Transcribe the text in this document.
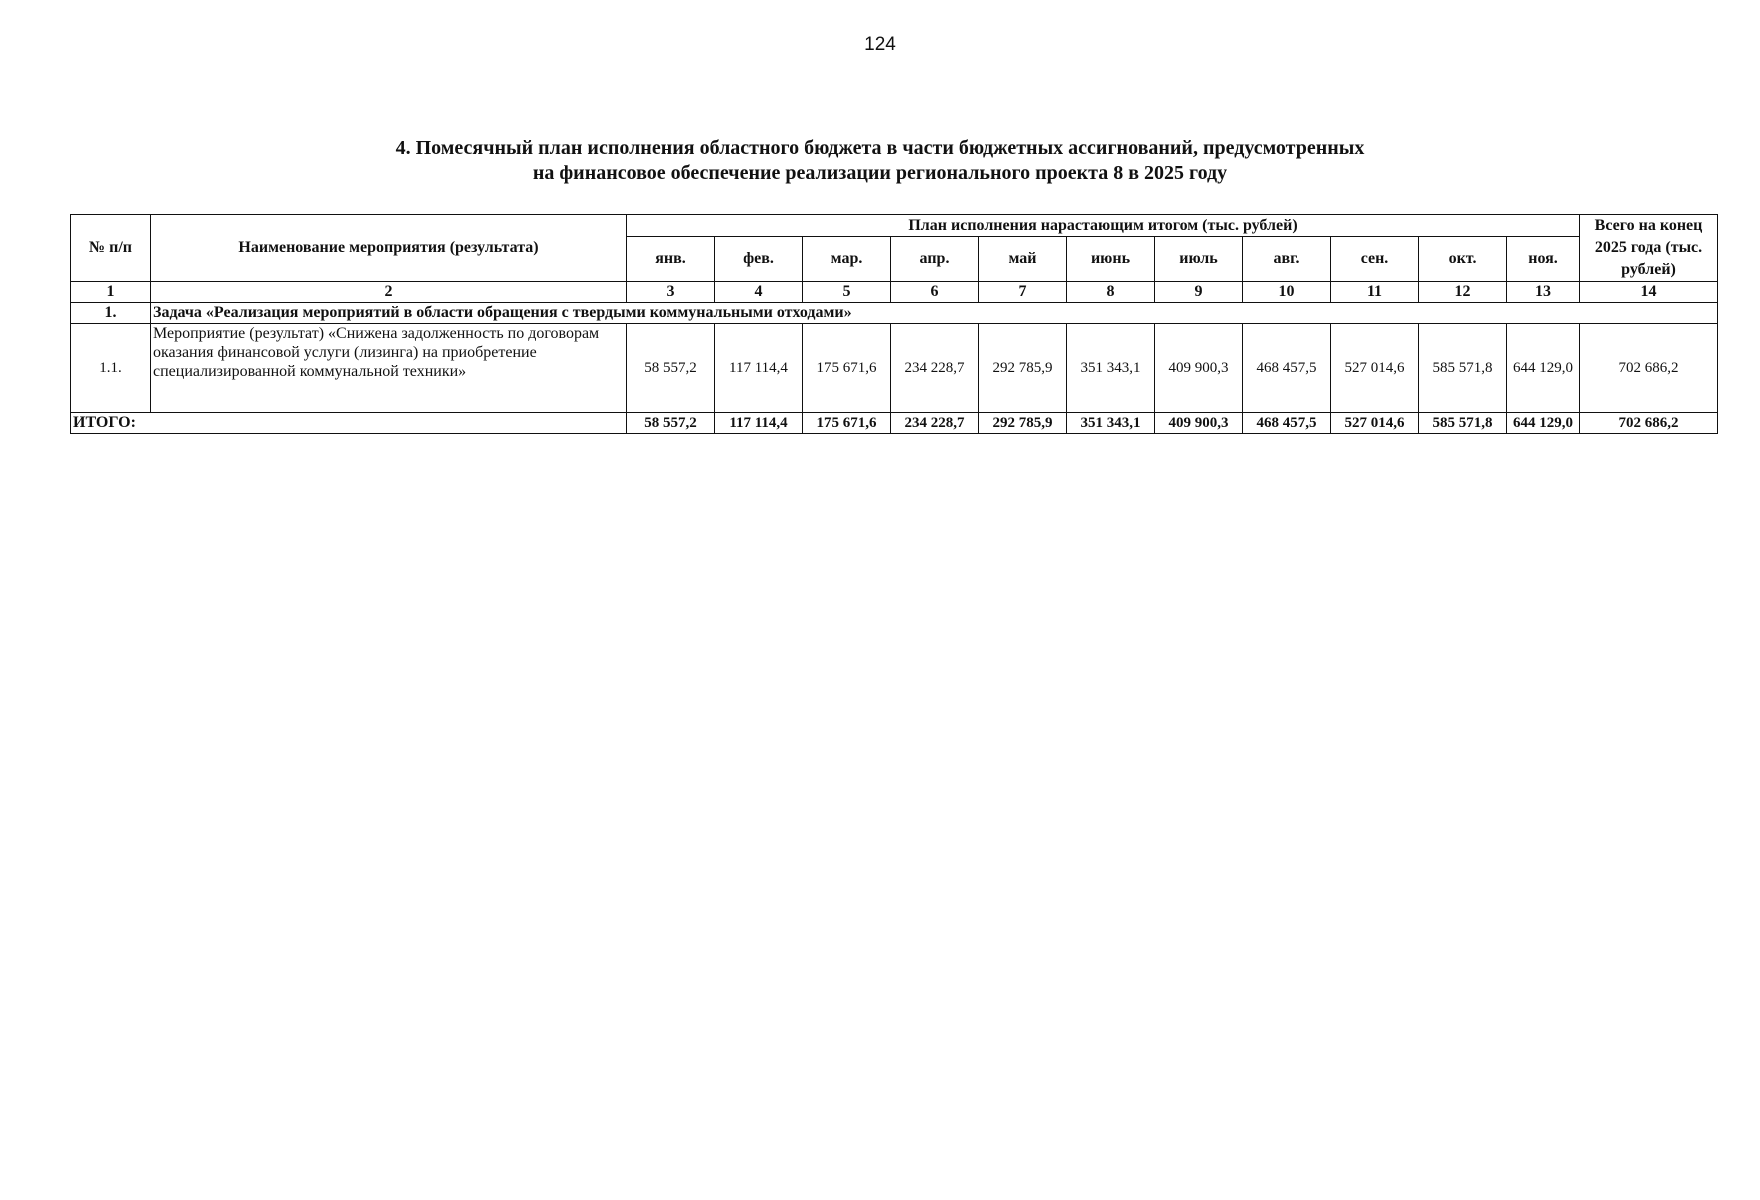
124
4. Помесячный план исполнения областного бюджета в части бюджетных ассигнований, предусмотренных
на финансовое обеспечение реализации регионального проекта 8 в 2025 году
№ п/п	Наименование мероприятия (результата)	План исполнения нарастающим итогом (тыс. рублей)											Всего на конец 2025 года (тыс. рублей)
		янв.	фев.	мар.	апр.	май	июнь	июль	авг.	сен.	окт.	ноя.	
1	2	3	4	5	6	7	8	9	10	11	12	13	14
1.	Задача «Реализация мероприятий в области обращения с твердыми коммунальными отходами»												
1.1.	Мероприятие (результат) «Снижена задолженность по договорам оказания финансовой услуги (лизинга) на приобретение специализированной коммунальной техники»	58 557,2	117 114,4	175 671,6	234 228,7	292 785,9	351 343,1	409 900,3	468 457,5	527 014,6	585 571,8	644 129,0	702 686,2
ИТОГО:		58 557,2	117 114,4	175 671,6	234 228,7	292 785,9	351 343,1	409 900,3	468 457,5	527 014,6	585 571,8	644 129,0	702 686,2
